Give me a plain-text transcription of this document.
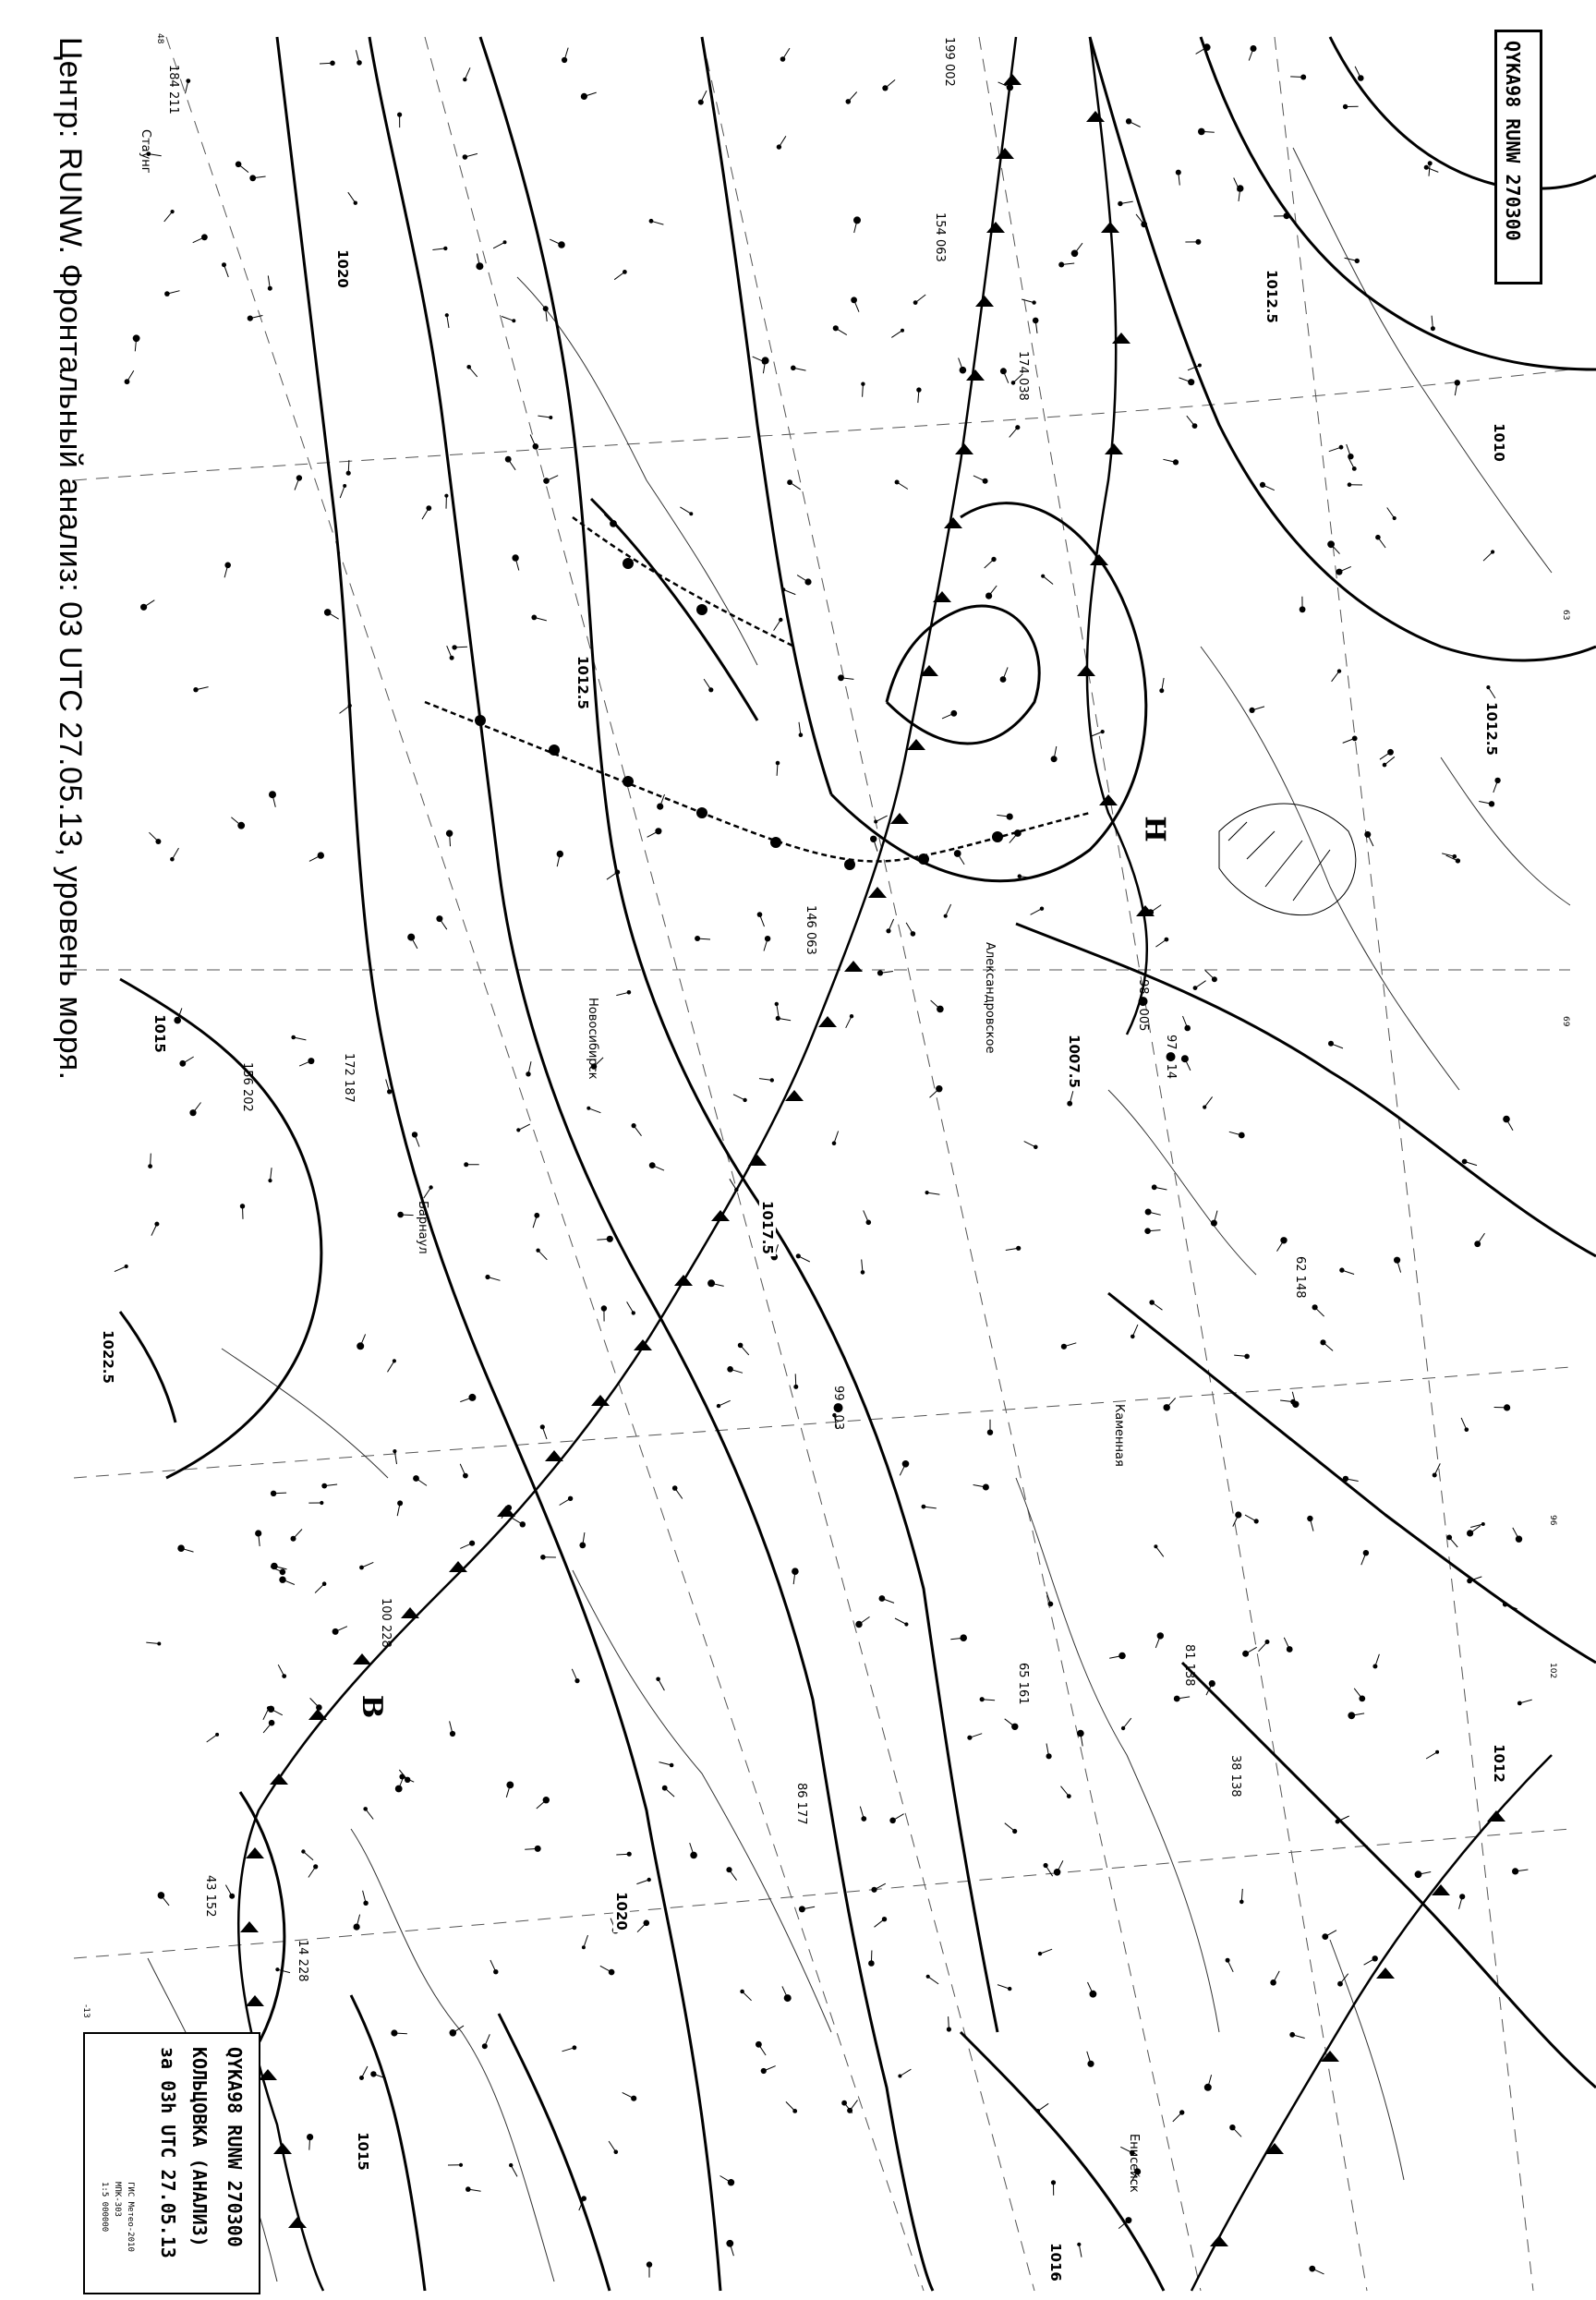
Центр: RUNW. Фронтальный анализ: 03 UTC 27.05.13, уровень моря.	QYKA98 RUNW 270300
QYKA98 RUNW 270300
КОЛЬЦОВКА (АНАЛИЗ)
за 03h UTC 27.05.13
ГИС Метео-2010
МПК-303
1:5 000000
1020
1012.5
1010
1007.5
1015
1017.5
1022.5
1012
1020
1015
1016
1012.5
1012.5
Н
В
Александровское
Новосибирск
Барнаул
Каменная
Енисейск
Стаунг
48
96
102
63
69
-13
98●005
97●14
99●03
184 211
156 202	172 187
100 228
86 177
65 161
43 152
14 228
38 138
81 138
62 148
199 002
174 038
154 063
146 063
